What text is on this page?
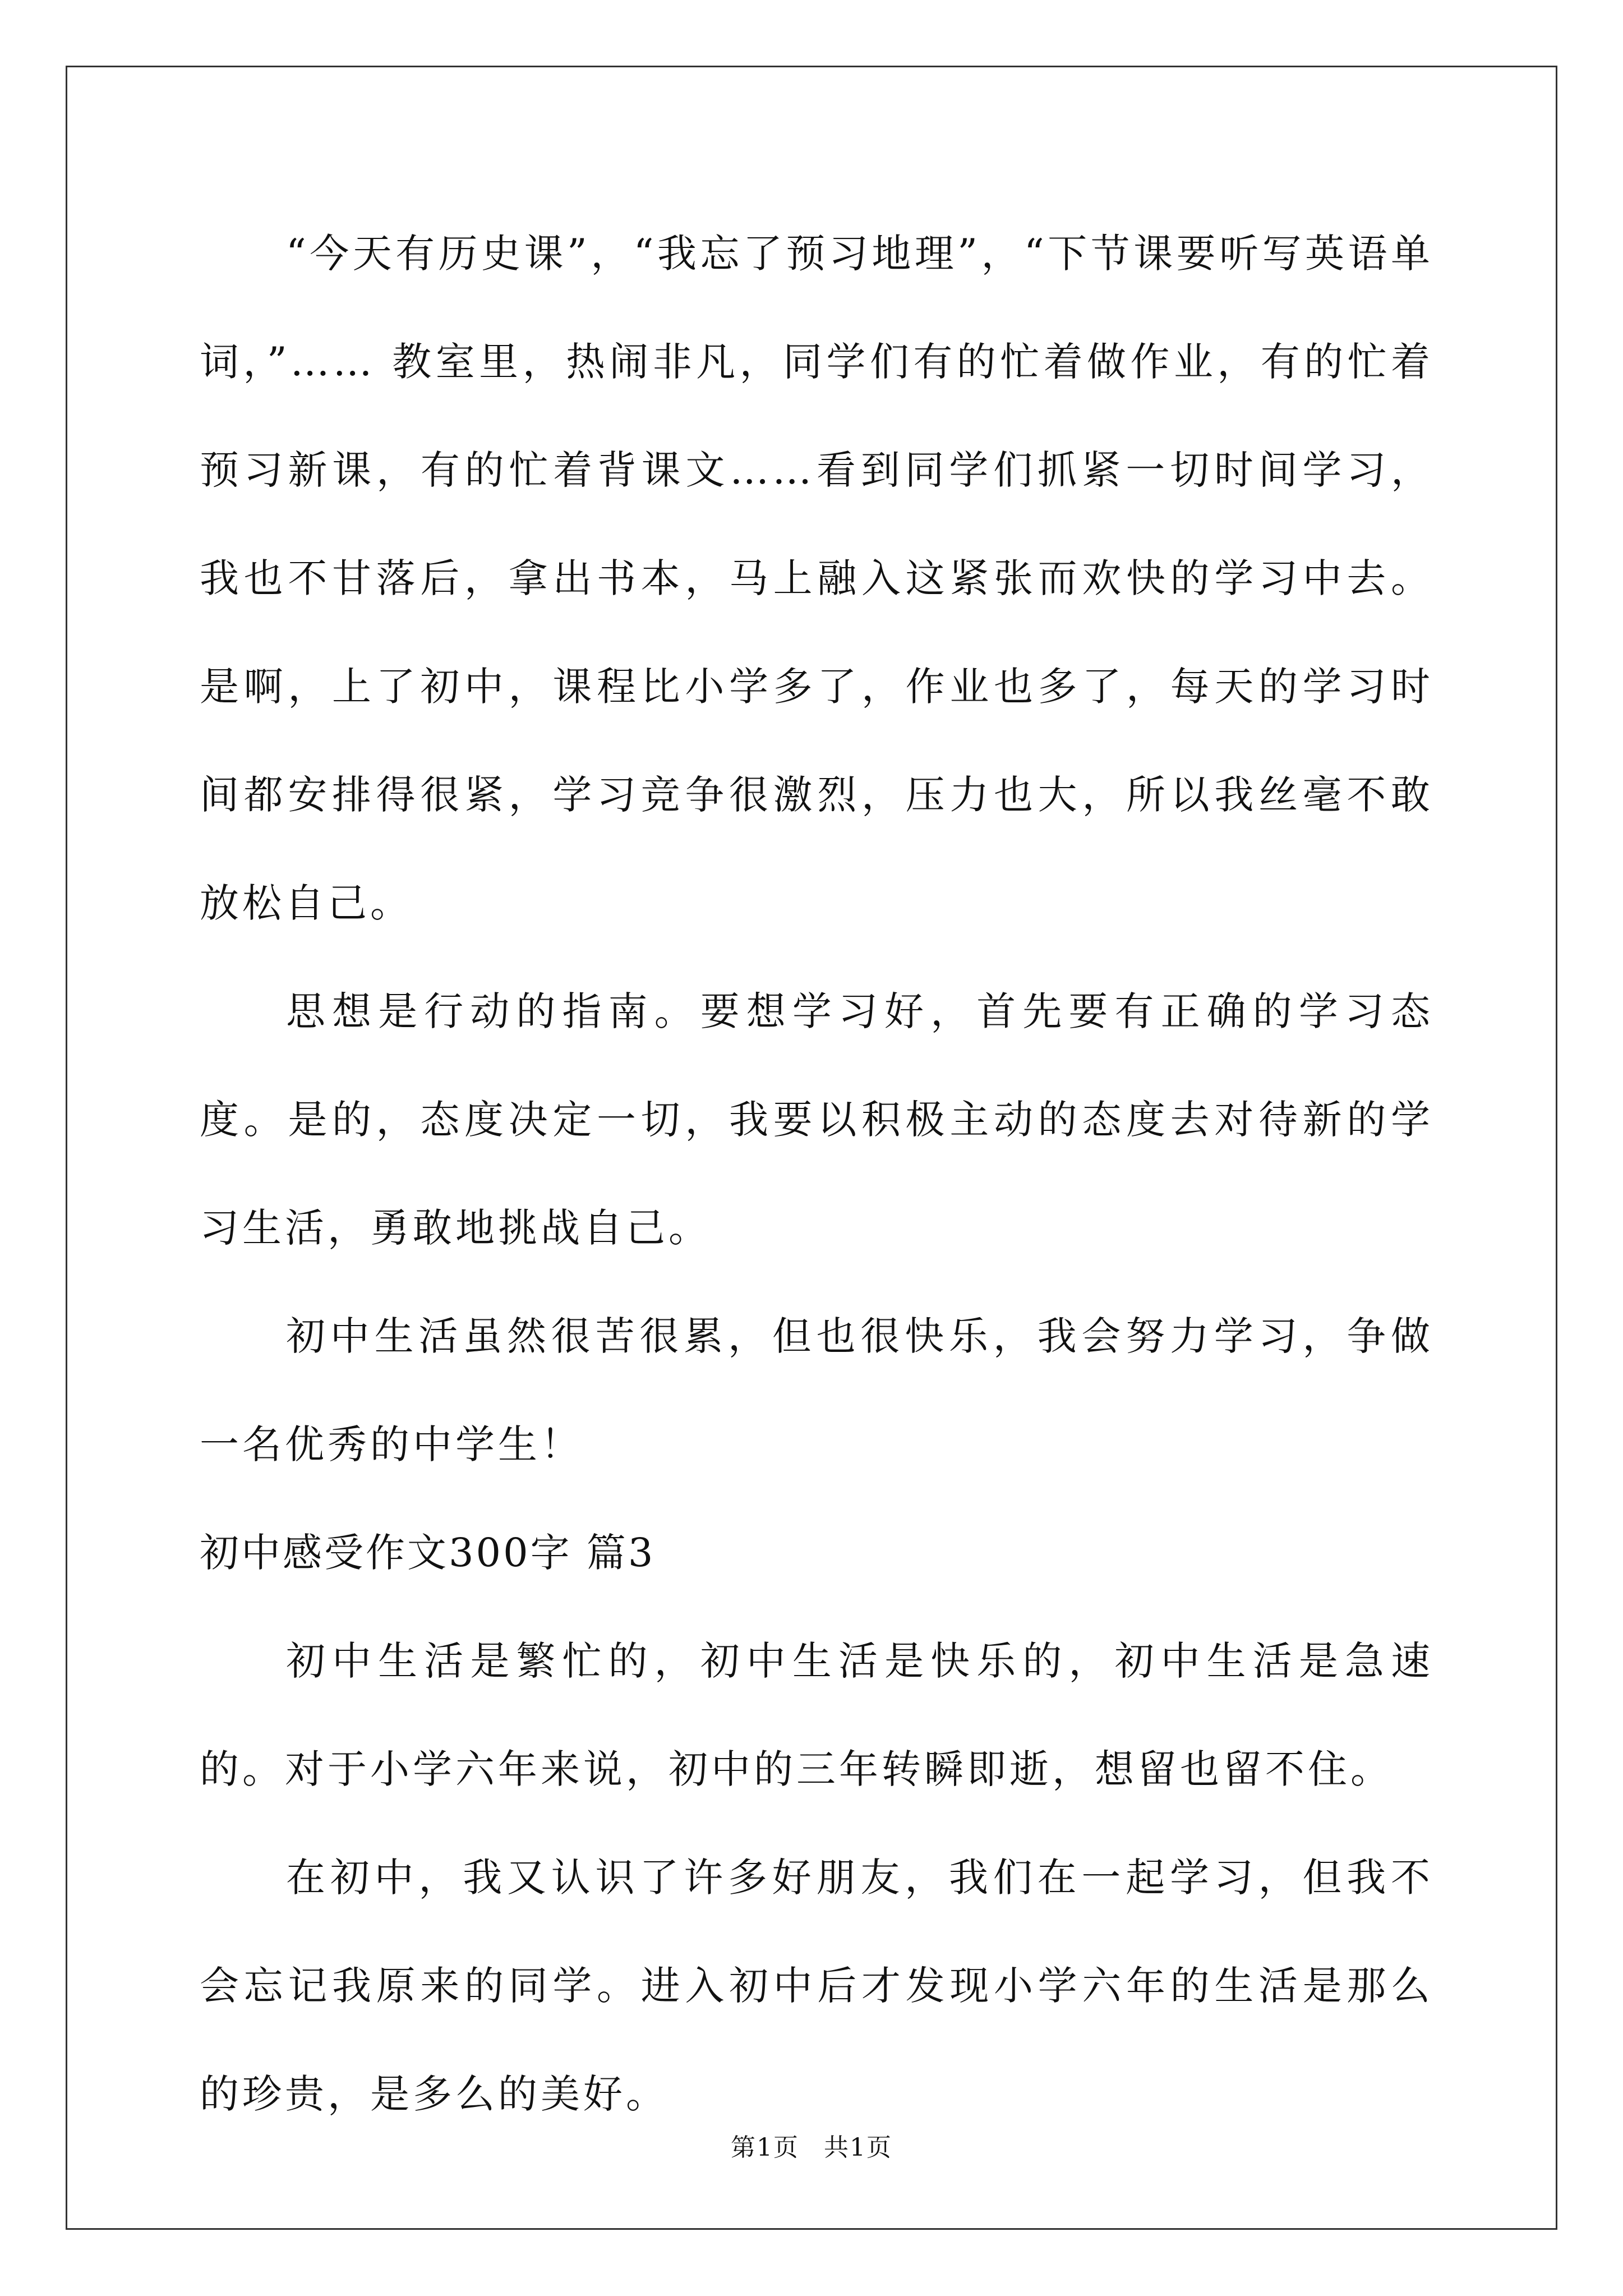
“今天有历史课”，“我忘了预习地理”，“下节课要听写英语单词，”…… 教室里，热闹非凡，同学们有的忙着做作业，有的忙着预习新课，有的忙着背课文……看到同学们抓紧一切时间学习，我也不甘落后，拿出书本，马上融入这紧张而欢快的学习中去。是啊，上了初中，课程比小学多了，作业也多了，每天的学习时间都安排得很紧，学习竞争很激烈，压力也大，所以我丝毫不敢放松自己。

思想是行动的指南。要想学习好，首先要有正确的学习态度。是的，态度决定一切，我要以积极主动的态度去对待新的学习生活，勇敢地挑战自己。

初中生活虽然很苦很累，但也很快乐，我会努力学习，争做一名优秀的中学生！

初中感受作文300字 篇3

初中生活是繁忙的，初中生活是快乐的，初中生活是急速的。对于小学六年来说，初中的三年转瞬即逝，想留也留不住。

在初中，我又认识了许多好朋友，我们在一起学习，但我不会忘记我原来的同学。进入初中后才发现小学六年的生活是那么的珍贵，是多么的美好。

第1页 共1页
